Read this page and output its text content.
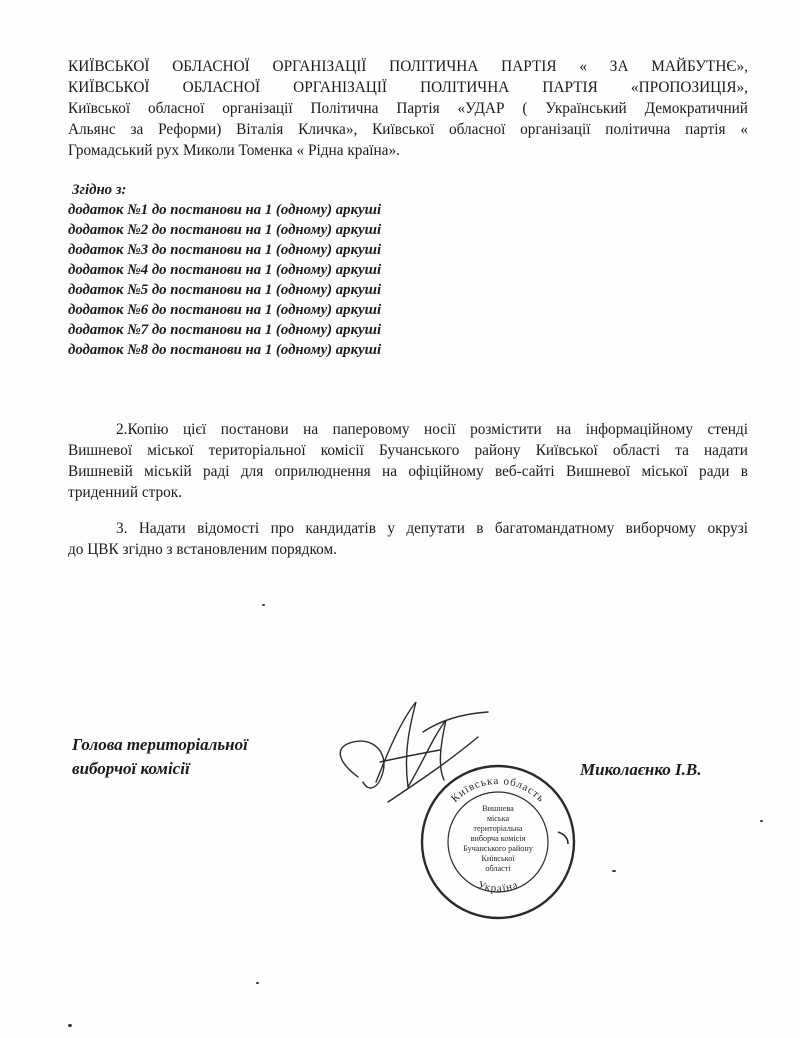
КИЇВСЬКОЇ ОБЛАСНОЇ ОРГАНІЗАЦІЇ ПОЛІТИЧНА ПАРТІЯ « ЗА МАЙБУТНЄ»,
КИЇВСЬКОЇ ОБЛАСНОЇ ОРГАНІЗАЦІЇ ПОЛІТИЧНА ПАРТІЯ «ПРОПОЗИЦІЯ»,
Київської обласної організації Політична Партія «УДАР ( Український Демократичний
Альянс за Реформи) Віталія Кличка», Київської обласної організації політична партія «
Громадський рух Миколи Томенка « Рідна країна».
Згідно з:
додаток №1 до постанови на 1 (одному) аркуші
додаток №2 до постанови на 1 (одному) аркуші
додаток №3 до постанови на 1 (одному) аркуші
додаток №4 до постанови на 1 (одному) аркуші
додаток №5 до постанови на 1 (одному) аркуші
додаток №6 до постанови на 1 (одному) аркуші
додаток №7 до постанови на 1 (одному) аркуші
додаток №8 до постанови на 1 (одному) аркуші
2.Копію цієї постанови на паперовому носії розмістити на інформаційному стенді
Вишневої міської територіальної комісії Бучанського району Київської області та надати
Вишневій міській раді для оприлюднення на офіційному веб-сайті Вишневої міської ради в
триденний строк.
3. Надати відомості про кандидатів у депутати в багатомандатному виборчому окрузі
до ЦВК згідно з встановленим порядком.
Голова територіальної
виборчої комісії
Київська область
Україна
Вишнева
міська
територіальна
виборча комісія
Бучанського району
Київської
області
Миколаєнко І.В.
